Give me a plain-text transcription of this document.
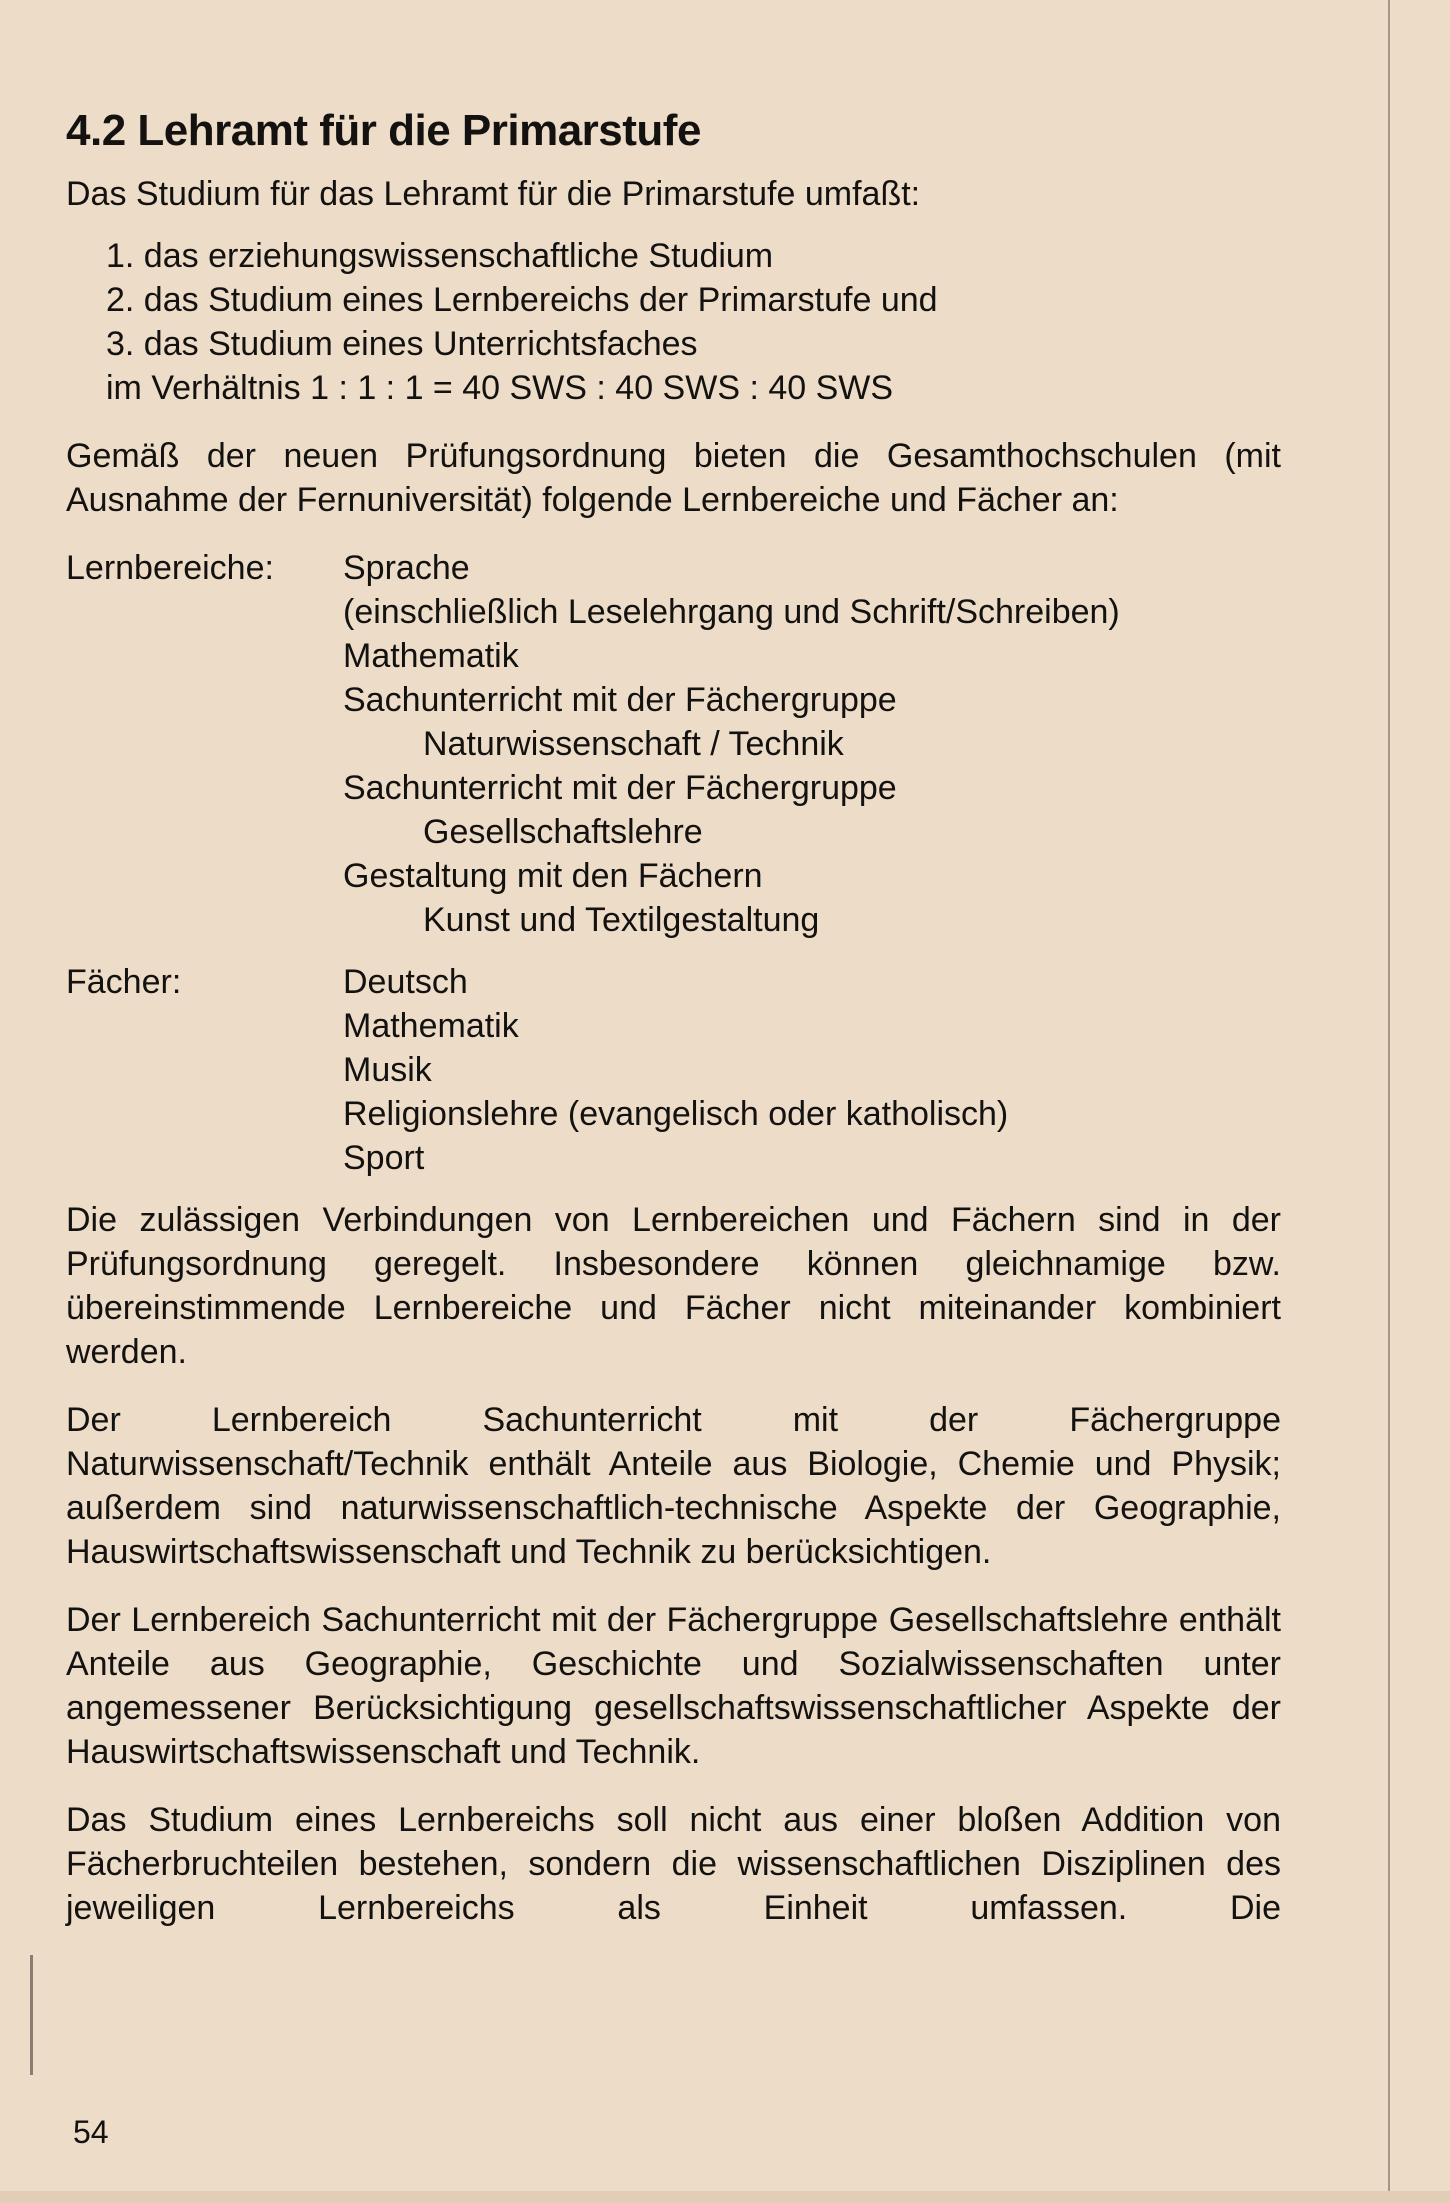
4.2 Lehramt für die Primarstufe

Das Studium für das Lehramt für die Primarstufe umfaßt:

1. das erziehungswissenschaftliche Studium
2. das Studium eines Lernbereichs der Primarstufe und
3. das Studium eines Unterrichtsfaches
im Verhältnis 1 : 1 : 1 = 40 SWS : 40 SWS : 40 SWS

Gemäß der neuen Prüfungsordnung bieten die Gesamthochschulen (mit Ausnahme der Fernuniversität) folgende Lernbereiche und Fächer an:

Lernbereiche:	Sprache
(einschließlich Leselehrgang und Schrift/Schreiben)
Mathematik
Sachunterricht mit der Fächergruppe
Naturwissenschaft / Technik
Sachunterricht mit der Fächergruppe
Gesellschaftslehre
Gestaltung mit den Fächern
Kunst und Textilgestaltung
Fächer:	Deutsch
Mathematik
Musik
Religionslehre (evangelisch oder katholisch)
Sport

Die zulässigen Verbindungen von Lernbereichen und Fächern sind in der Prüfungsordnung geregelt. Insbesondere können gleichnamige bzw. übereinstimmende Lernbereiche und Fächer nicht miteinander kombiniert werden.

Der Lernbereich Sachunterricht mit der Fächergruppe Naturwissenschaft/Technik enthält Anteile aus Biologie, Chemie und Physik; außerdem sind naturwissenschaftlich-technische Aspekte der Geographie, Hauswirtschaftswissenschaft und Technik zu berücksichtigen.

Der Lernbereich Sachunterricht mit der Fächergruppe Gesellschaftslehre enthält Anteile aus Geographie, Geschichte und Sozialwissenschaften unter angemessener Berücksichtigung gesellschaftswissenschaftlicher Aspekte der Hauswirtschaftswissenschaft und Technik.

Das Studium eines Lernbereichs soll nicht aus einer bloßen Addition von Fächerbruchteilen bestehen, sondern die wissenschaftlichen Disziplinen des jeweiligen Lernbereichs als Einheit umfassen. Die

54
